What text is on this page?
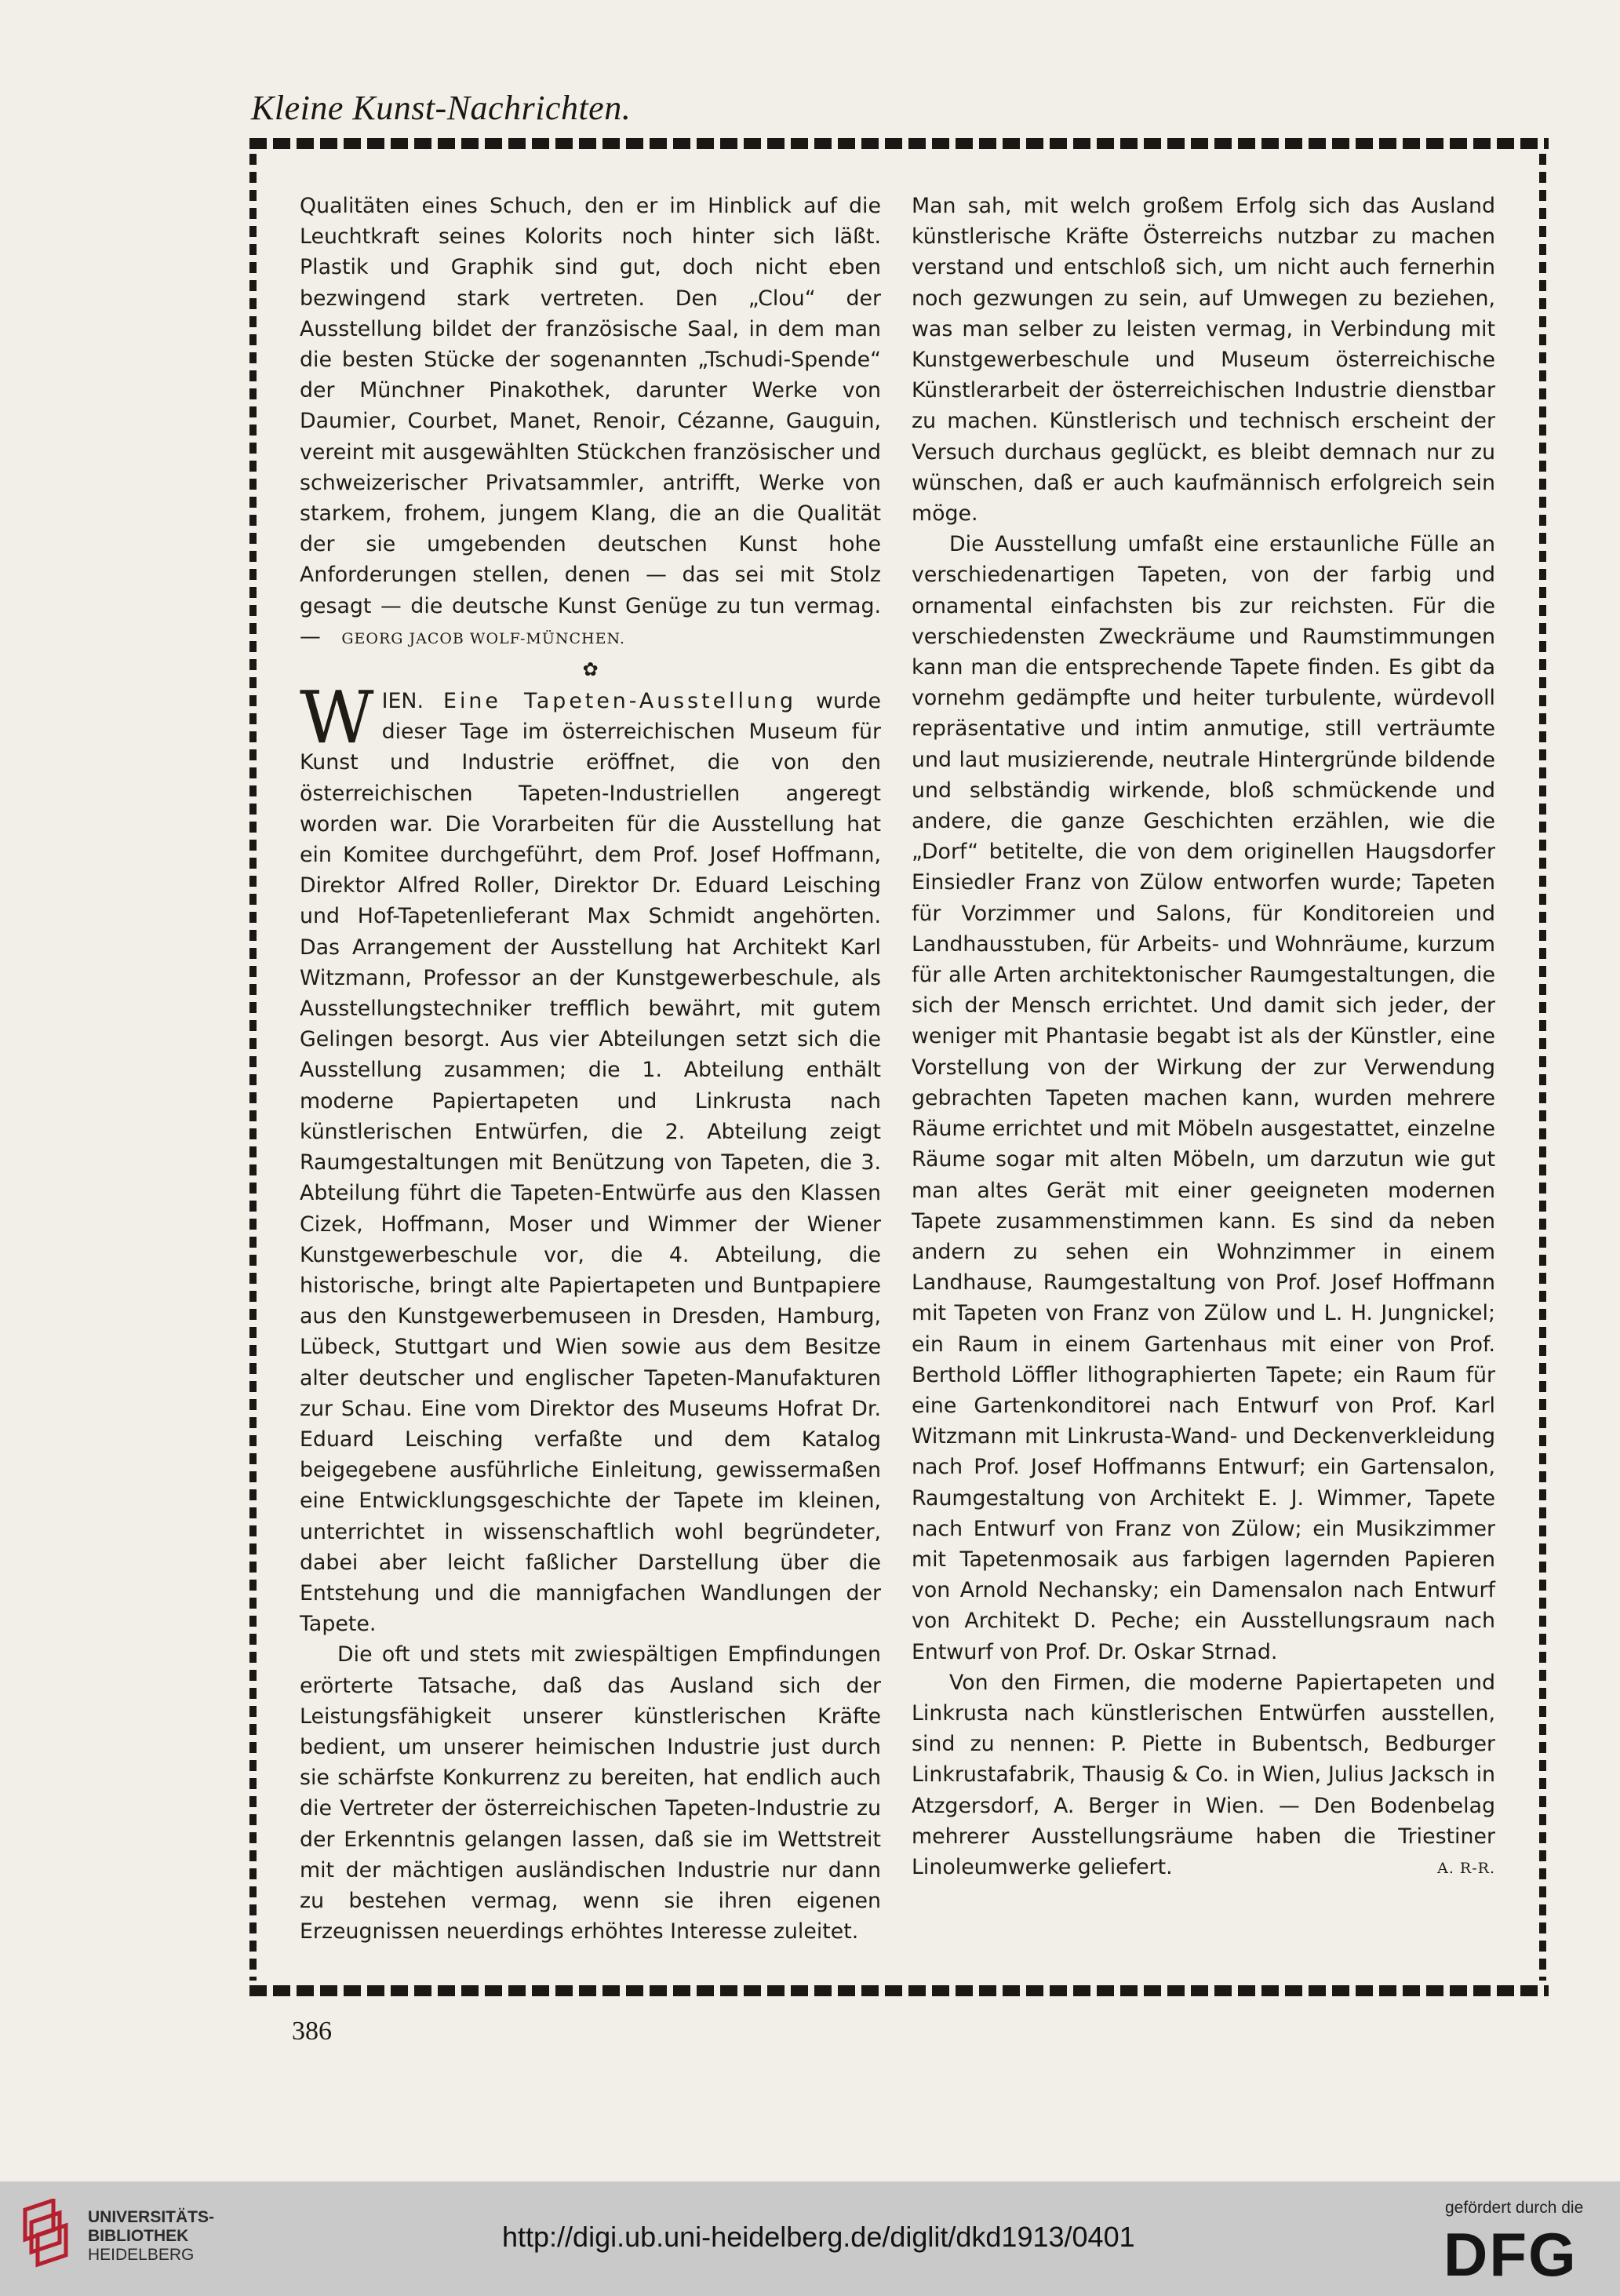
Kleine Kunst-Nachrichten.

Qualitäten eines Schuch, den er im Hinblick auf die Leuchtkraft seines Kolorits noch hinter sich läßt. Plastik und Graphik sind gut, doch nicht eben bezwingend stark vertreten. Den „Clou“ der Ausstellung bildet der französische Saal, in dem man die besten Stücke der sogenannten „Tschudi-Spende“ der Münchner Pinakothek, darunter Werke von Daumier, Courbet, Manet, Renoir, Cézanne, Gauguin, vereint mit ausgewählten Stückchen französischer und schweizerischer Privatsammler, antrifft, Werke von starkem, frohem, jungem Klang, die an die Qualität der sie umgebenden deutschen Kunst hohe Anforderungen stellen, denen — das sei mit Stolz gesagt — die deutsche Kunst Genüge zu tun vermag. — GEORG JACOB WOLF-MÜNCHEN.

✿

WIEN. Eine Tapeten-Ausstellung wurde dieser Tage im österreichischen Museum für Kunst und Industrie eröffnet, die von den österreichischen Tapeten-Industriellen angeregt worden war. Die Vorarbeiten für die Ausstellung hat ein Komitee durchgeführt, dem Prof. Josef Hoffmann, Direktor Alfred Roller, Direktor Dr. Eduard Leisching und Hof-Tapetenlieferant Max Schmidt angehörten. Das Arrangement der Ausstellung hat Architekt Karl Witzmann, Professor an der Kunstgewerbeschule, als Ausstellungstechniker trefflich bewährt, mit gutem Gelingen besorgt. Aus vier Abteilungen setzt sich die Ausstellung zusammen; die 1. Abteilung enthält moderne Papiertapeten und Linkrusta nach künstlerischen Entwürfen, die 2. Abteilung zeigt Raumgestaltungen mit Benützung von Tapeten, die 3. Abteilung führt die Tapeten-Entwürfe aus den Klassen Cizek, Hoffmann, Moser und Wimmer der Wiener Kunstgewerbeschule vor, die 4. Abteilung, die historische, bringt alte Papiertapeten und Buntpapiere aus den Kunstgewerbemuseen in Dresden, Hamburg, Lübeck, Stuttgart und Wien sowie aus dem Besitze alter deutscher und englischer Tapeten-Manufakturen zur Schau. Eine vom Direktor des Museums Hofrat Dr. Eduard Leisching verfaßte und dem Katalog beigegebene ausführliche Einleitung, gewissermaßen eine Entwicklungsgeschichte der Tapete im kleinen, unterrichtet in wissenschaftlich wohl begründeter, dabei aber leicht faßlicher Darstellung über die Entstehung und die mannigfachen Wandlungen der Tapete.

Die oft und stets mit zwiespältigen Empfindungen erörterte Tatsache, daß das Ausland sich der Leistungsfähigkeit unserer künstlerischen Kräfte bedient, um unserer heimischen Industrie just durch sie schärfste Konkurrenz zu bereiten, hat endlich auch die Vertreter der österreichischen Tapeten-Industrie zu der Erkenntnis gelangen lassen, daß sie im Wettstreit mit der mächtigen ausländischen Industrie nur dann zu bestehen vermag, wenn sie ihren eigenen Erzeugnissen neuerdings erhöhtes Interesse zuleitet.

Man sah, mit welch großem Erfolg sich das Ausland künstlerische Kräfte Österreichs nutzbar zu machen verstand und entschloß sich, um nicht auch fernerhin noch gezwungen zu sein, auf Umwegen zu beziehen, was man selber zu leisten vermag, in Verbindung mit Kunstgewerbeschule und Museum österreichische Künstlerarbeit der österreichischen Industrie dienstbar zu machen. Künstlerisch und technisch erscheint der Versuch durchaus geglückt, es bleibt demnach nur zu wünschen, daß er auch kaufmännisch erfolgreich sein möge.

Die Ausstellung umfaßt eine erstaunliche Fülle an verschiedenartigen Tapeten, von der farbig und ornamental einfachsten bis zur reichsten. Für die verschiedensten Zweckräume und Raumstimmungen kann man die entsprechende Tapete finden. Es gibt da vornehm gedämpfte und heiter turbulente, würdevoll repräsentative und intim anmutige, still verträumte und laut musizierende, neutrale Hintergründe bildende und selbständig wirkende, bloß schmückende und andere, die ganze Geschichten erzählen, wie die „Dorf“ betitelte, die von dem originellen Haugsdorfer Einsiedler Franz von Zülow entworfen wurde; Tapeten für Vorzimmer und Salons, für Konditoreien und Landhausstuben, für Arbeits- und Wohnräume, kurzum für alle Arten architektonischer Raumgestaltungen, die sich der Mensch errichtet. Und damit sich jeder, der weniger mit Phantasie begabt ist als der Künstler, eine Vorstellung von der Wirkung der zur Verwendung gebrachten Tapeten machen kann, wurden mehrere Räume errichtet und mit Möbeln ausgestattet, einzelne Räume sogar mit alten Möbeln, um darzutun wie gut man altes Gerät mit einer geeigneten modernen Tapete zusammenstimmen kann. Es sind da neben andern zu sehen ein Wohnzimmer in einem Landhause, Raumgestaltung von Prof. Josef Hoffmann mit Tapeten von Franz von Zülow und L. H. Jungnickel; ein Raum in einem Gartenhaus mit einer von Prof. Berthold Löffler lithographierten Tapete; ein Raum für eine Gartenkonditorei nach Entwurf von Prof. Karl Witzmann mit Linkrusta-Wand- und Deckenverkleidung nach Prof. Josef Hoffmanns Entwurf; ein Gartensalon, Raumgestaltung von Architekt E. J. Wimmer, Tapete nach Entwurf von Franz von Zülow; ein Musikzimmer mit Tapetenmosaik aus farbigen lagernden Papieren von Arnold Nechansky; ein Damensalon nach Entwurf von Architekt D. Peche; ein Ausstellungsraum nach Entwurf von Prof. Dr. Oskar Strnad.

Von den Firmen, die moderne Papiertapeten und Linkrusta nach künstlerischen Entwürfen ausstellen, sind zu nennen: P. Piette in Bubentsch, Bedburger Linkrustafabrik, Thausig & Co. in Wien, Julius Jacksch in Atzgersdorf, A. Berger in Wien. — Den Bodenbelag mehrerer Ausstellungsräume haben die Triestiner Linoleumwerke geliefert.	A. R-R.

386
UNIVERSITÄTS-
BIBLIOTHEK
HEIDELBERG
http://digi.ub.uni-heidelberg.de/diglit/dkd1913/0401
gefördert durch die
DFG
